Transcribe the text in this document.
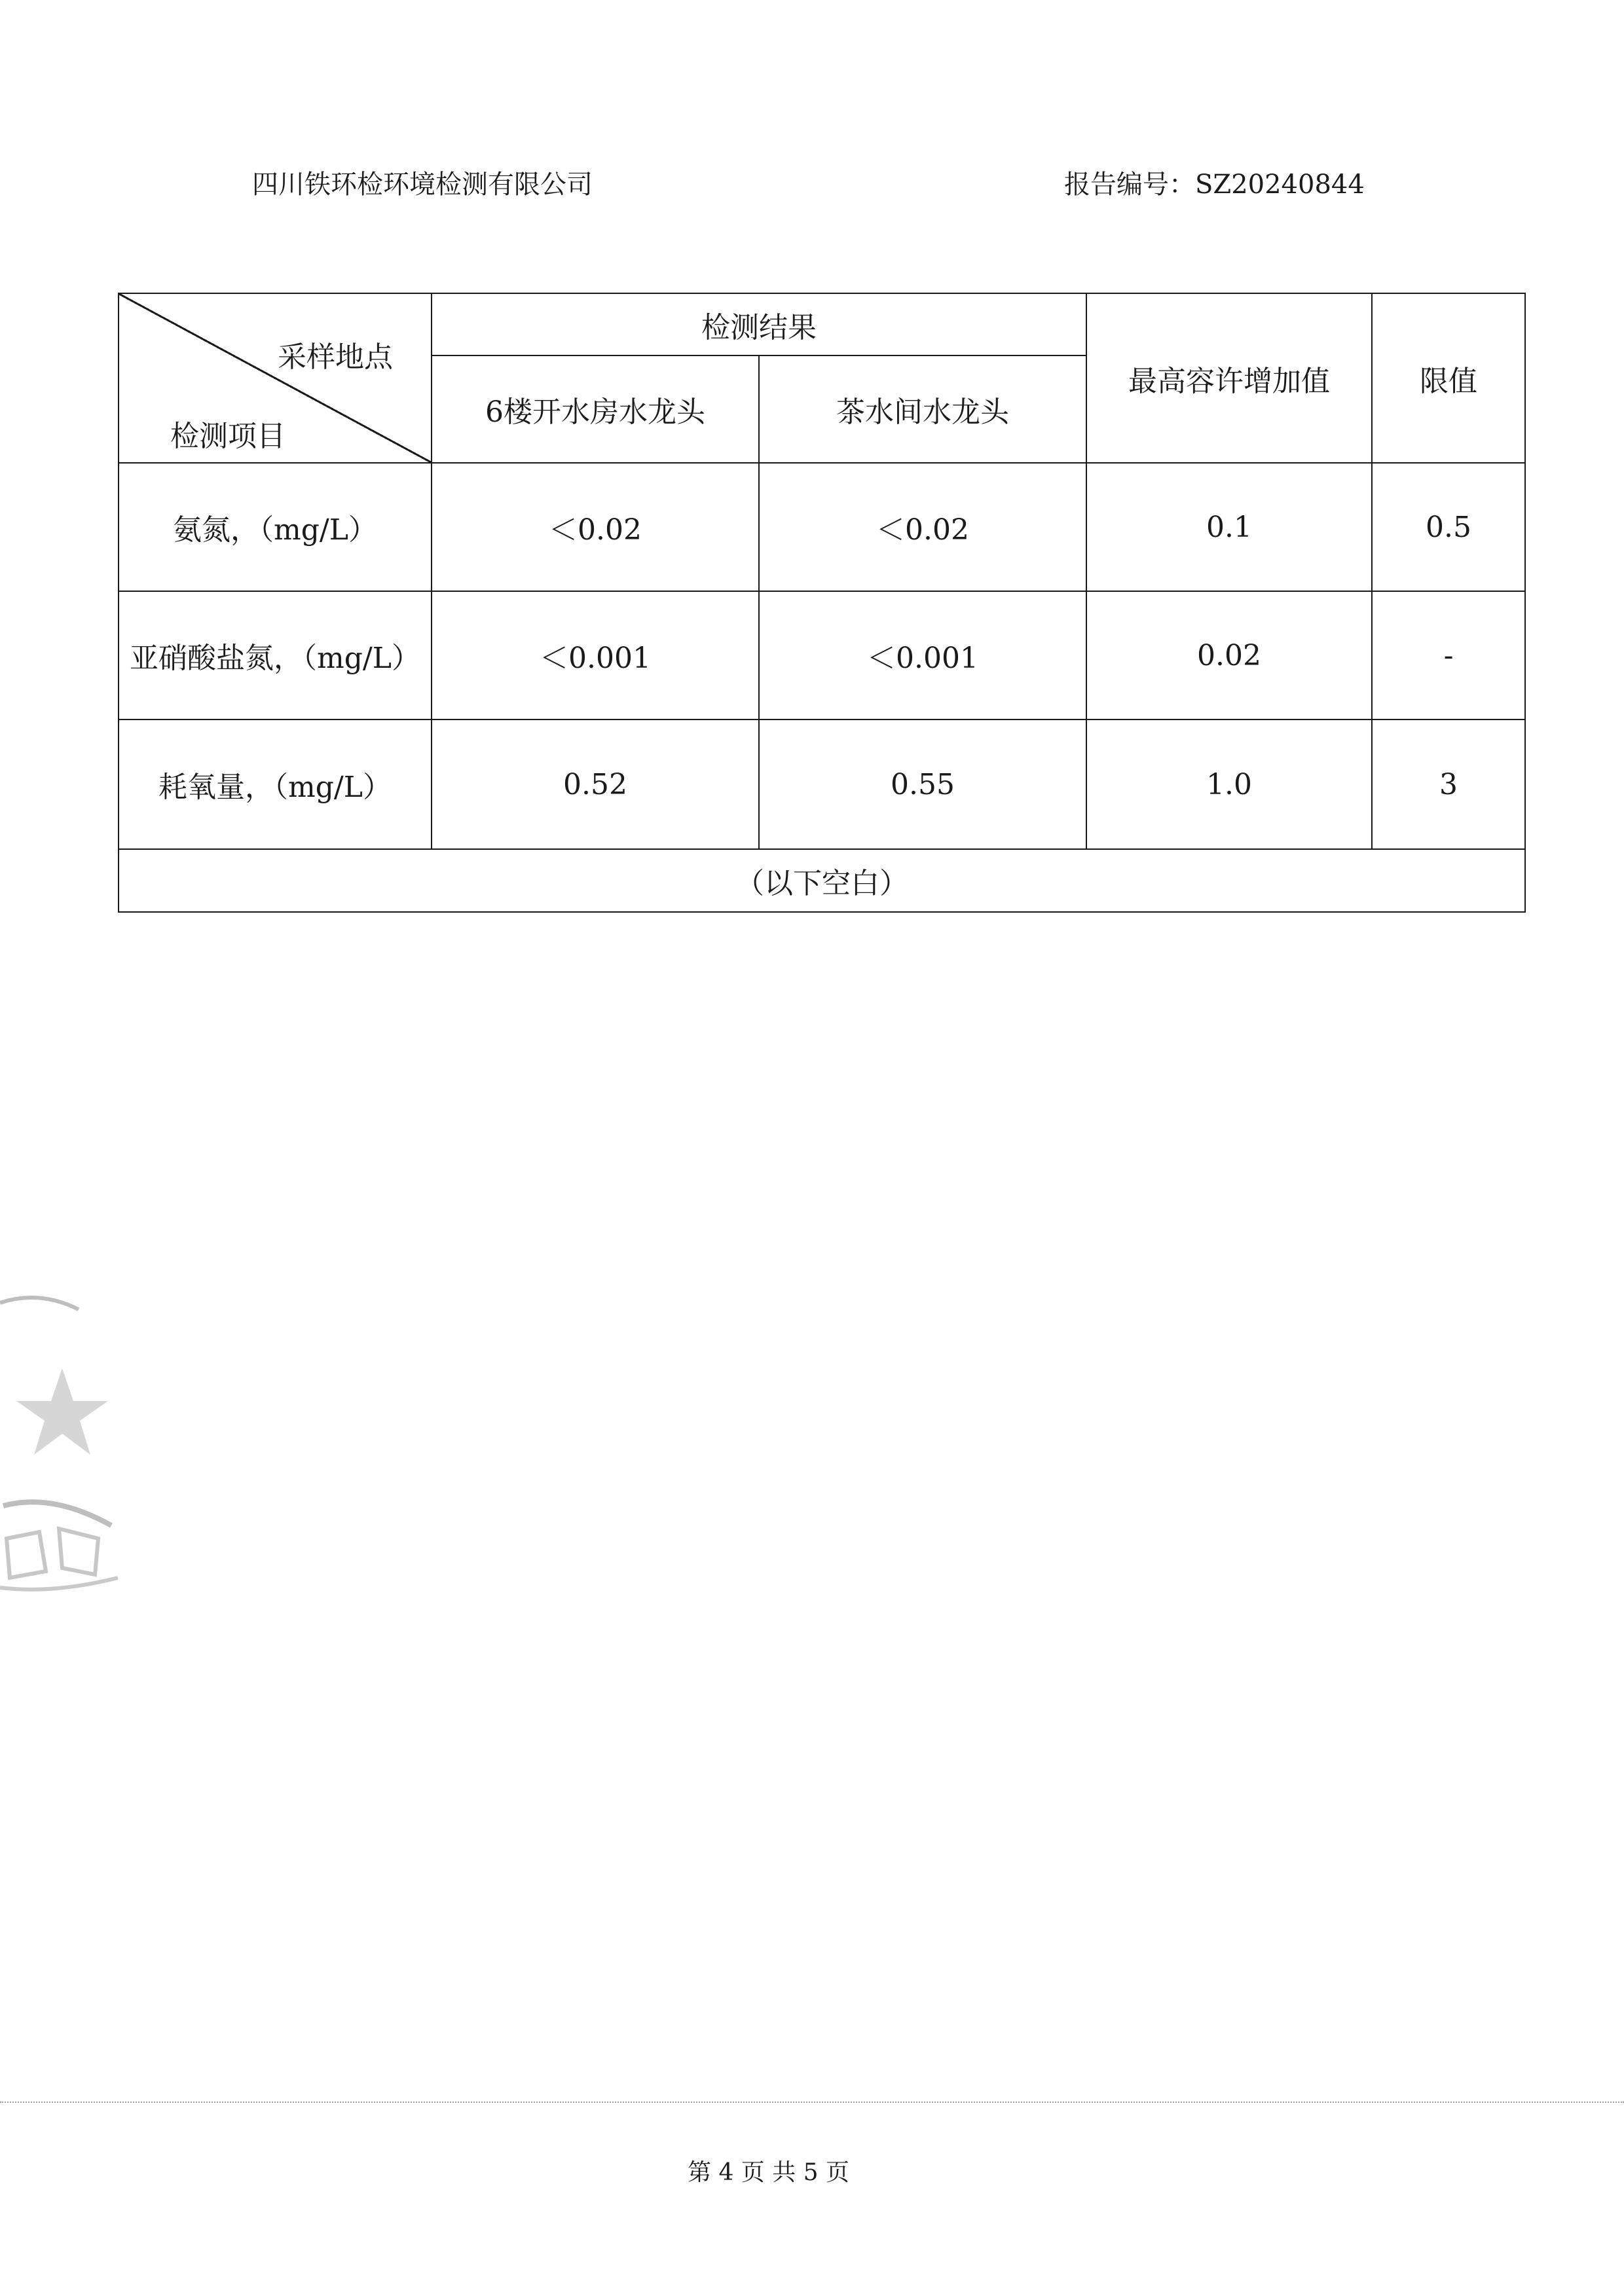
四川铁环检环境检测有限公司	报告编号：SZ20240844
采样地点
检测项目	检测结果		最高容许增加值	限值
	6楼开水房水龙头	茶水间水龙头		
氨氮，（mg/L）	＜0.02	＜0.02	0.1	0.5
亚硝酸盐氮，（mg/L）	＜0.001	＜0.001	0.02	-
耗氧量，（mg/L）	0.52	0.55	1.0	3
（以下空白）				
第 4 页 共 5 页
